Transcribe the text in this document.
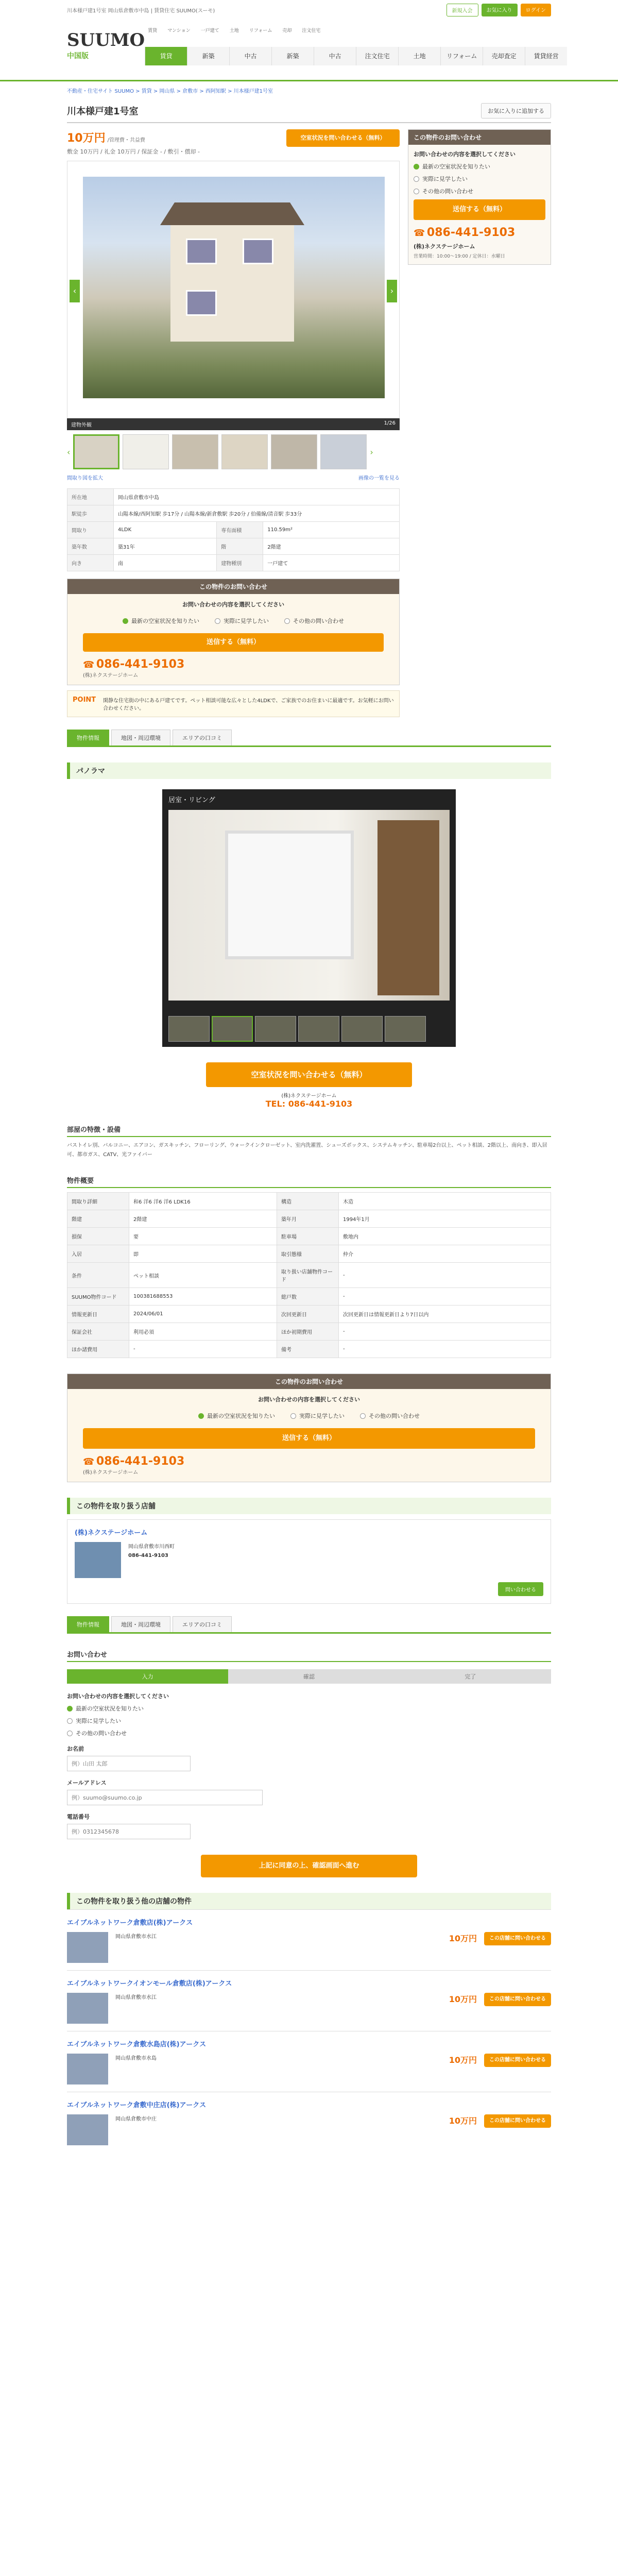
川本様戸建1号室 岡山県倉敷市中島 | 賃貸住宅 SUUMO(スーモ)	新規入会	お気に入り	ログイン
SUUMO
中国版
賃貸	マンション	一戸建て	土地	リフォーム	売却	注文住宅
賃貸	新築	中古	新築	中古	注文住宅	土地	リフォーム	売却査定	賃貸経営
不動産・住宅サイト SUUMO > 賃貸 > 岡山県 > 倉敷市 > 西阿知駅 > 川本様戸建1号室
川本様戸建1号室	お気に入りに追加する
10万円 /管理費・共益費
敷金 10万円 / 礼金 10万円 / 保証金 - / 敷引・償却 -
空室状況を問い合わせる（無料）
‹	›
建物外観	1/26
‹	›
間取り図を拡大	画像の一覧を見る
所在地	岡山県倉敷市中島		
駅徒歩	山陽本線/西阿知駅 歩17分 / 山陽本線/新倉敷駅 歩20分 / 伯備線/清音駅 歩33分		
間取り	4LDK	専有面積	110.59m²
築年数	築31年	階	2階建
向き	南	建物種別	一戸建て
この物件のお問い合わせ
お問い合わせの内容を選択してください
最新の空室状況を知りたい	実際に見学したい	その他の問い合わせ
送信する（無料）
☎ 086-441-9103
(株)ネクステージホーム
POINT 閑静な住宅街の中にある戸建てです。ペット相談可能な広々とした4LDKで、ご家族でのお住まいに最適です。お気軽にお問い合わせください。
この物件のお問い合わせ
お問い合わせの内容を選択してください
最新の空室状況を知りたい
実際に見学したい
その他の問い合わせ
送信する（無料）
☎ 086-441-9103
(株)ネクステージホーム
営業時間：10:00～19:00 / 定休日：水曜日
物件情報	地図・周辺環境	エリアの口コミ
パノラマ
居室・リビング
空室状況を問い合わせる（無料）
(株)ネクステージホーム
TEL: 086-441-9103
部屋の特徴・設備
バストイレ別、バルコニー、エアコン、ガスキッチン、フローリング、ウォークインクローゼット、室内洗濯置、シューズボックス、システムキッチン、駐車場2台以上、ペット相談、2階以上、南向き、即入居可、都市ガス、CATV、光ファイバー
物件概要
間取り詳細	和6 洋6 洋6 洋6 LDK16	構造	木造
階建	2階建	築年月	1994年1月
損保	要	駐車場	敷地内
入居	即	取引態様	仲介
条件	ペット相談	取り扱い店舗物件コード	-
SUUMO物件コード	100381688553	総戸数	-
情報更新日	2024/06/01	次回更新日	次回更新日は情報更新日より7日以内
保証会社	利用必須	ほか初期費用	-
ほか諸費用	-	備考	-
この物件のお問い合わせ
お問い合わせの内容を選択してください
最新の空室状況を知りたい	実際に見学したい	その他の問い合わせ
送信する（無料）
☎ 086-441-9103
(株)ネクステージホーム
この物件を取り扱う店舗
(株)ネクステージホーム
岡山県倉敷市川西町
086-441-9103
問い合わせる
物件情報	地図・周辺環境	エリアの口コミ
お問い合わせ
入力	確認	完了
お問い合わせの内容を選択してください
最新の空室状況を知りたい
実際に見学したい
その他の問い合わせ
お名前
例）山田 太郎
メールアドレス
例）suumo@suumo.co.jp
電話番号
例）0312345678
上記に同意の上、確認画面へ進む
この物件を取り扱う他の店舗の物件
エイブルネットワーク倉敷店(株)アークス
岡山県倉敷市水江	10万円	この店舗に問い合わせる
エイブルネットワークイオンモール倉敷店(株)アークス
岡山県倉敷市水江	10万円	この店舗に問い合わせる
エイブルネットワーク倉敷水島店(株)アークス
岡山県倉敷市水島	10万円	この店舗に問い合わせる
エイブルネットワーク倉敷中庄店(株)アークス
岡山県倉敷市中庄	10万円	この店舗に問い合わせる
